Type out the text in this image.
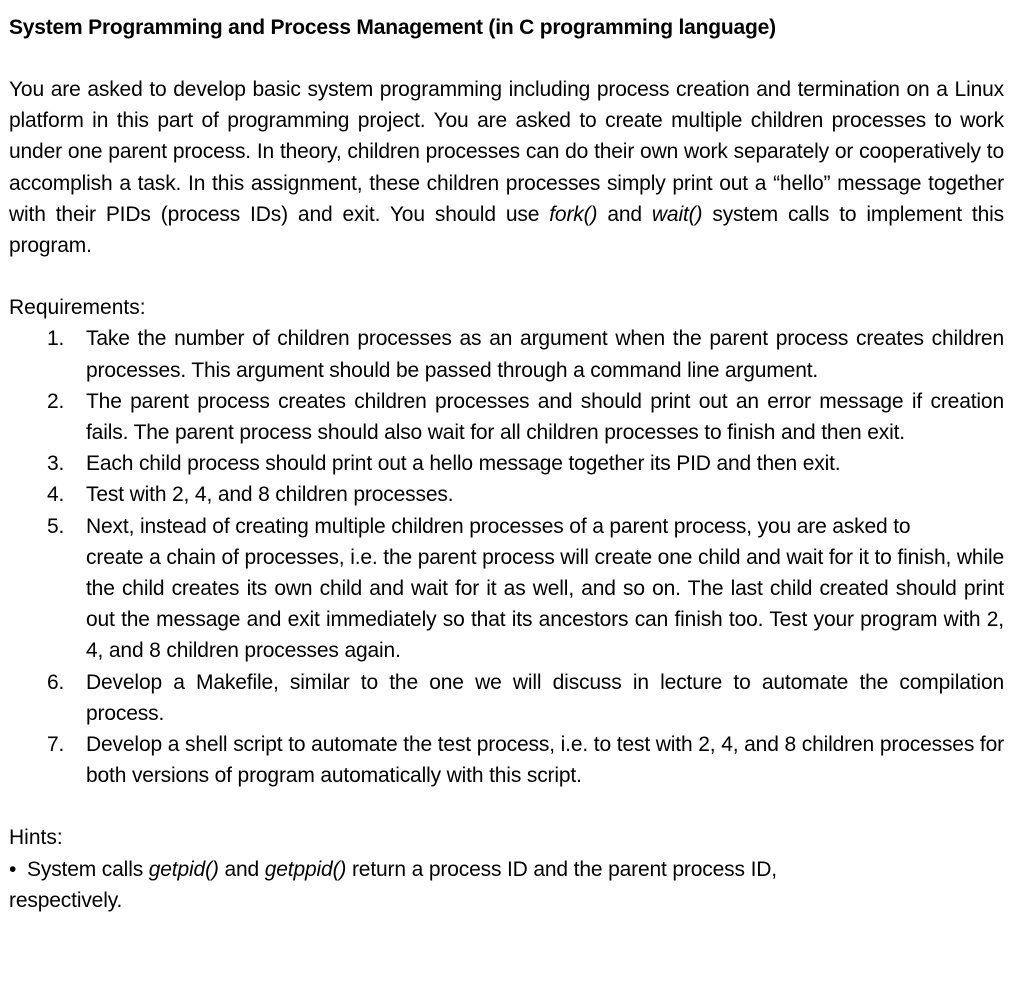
System Programming and Process Management (in C programming language)
You are asked to develop basic system programming including process creation and termination on a Linux platform in this part of programming project. You are asked to create multiple children processes to work under one parent process. In theory, children processes can do their own work separately or cooperatively to accomplish a task. In this assignment, these children processes simply print out a “hello” message together with their PIDs (process IDs) and exit. You should use fork() and wait() system calls to implement this program.
Requirements:
1. Take the number of children processes as an argument when the parent process creates children processes. This argument should be passed through a command line argument.
2. The parent process creates children processes and should print out an error message if creation fails. The parent process should also wait for all children processes to finish and then exit.
3. Each child process should print out a hello message together its PID and then exit.
4. Test with 2, 4, and 8 children processes.
5. Next, instead of creating multiple children processes of a parent process, you are asked to
create a chain of processes, i.e. the parent process will create one child and wait for it to finish, while the child creates its own child and wait for it as well, and so on. The last child created should print out the message and exit immediately so that its ancestors can finish too. Test your program with 2, 4, and 8 children processes again.
6. Develop a Makefile, similar to the one we will discuss in lecture to automate the compilation process.
7. Develop a shell script to automate the test process, i.e. to test with 2, 4, and 8 children processes for both versions of program automatically with this script.
Hints:
• System calls getpid() and getppid() return a process ID and the parent process ID,
respectively.
